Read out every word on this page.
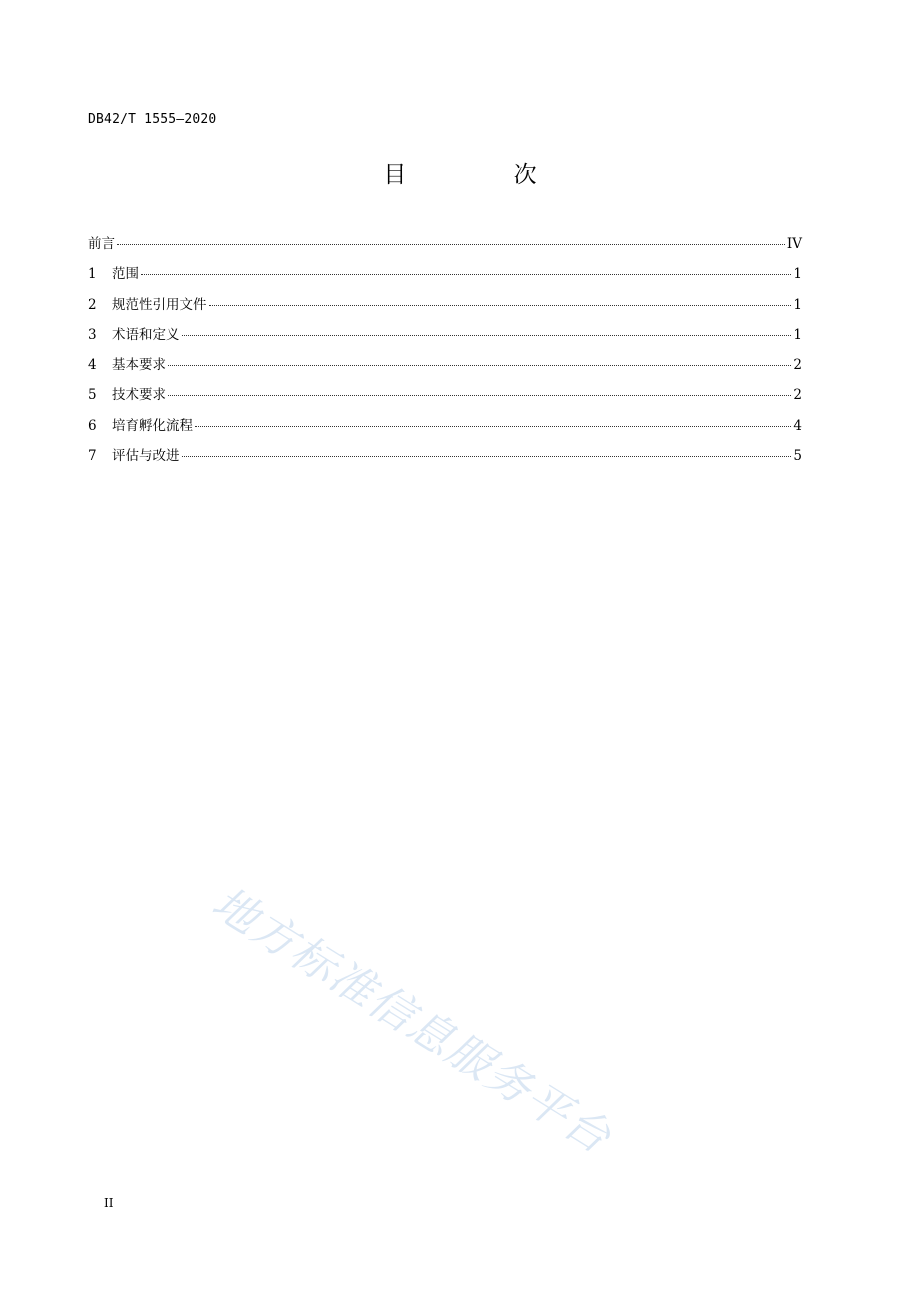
DB42/T 1555—2020
目 次
前言	IV
1	范围	1
2	规范性引用文件	1
3	术语和定义	1
4	基本要求	2
5	技术要求	2
6	培育孵化流程	4
7	评估与改进	5
地方标准信息服务平台
II
